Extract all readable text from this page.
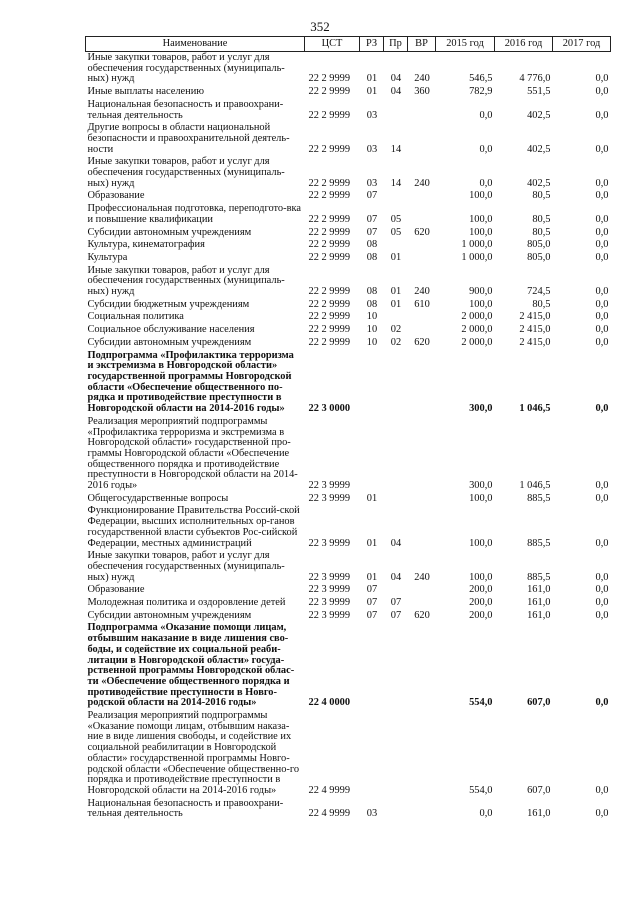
352
Наименование	ЦСТ	РЗ	Пр	ВР	2015 год	2016 год	2017 год
Иные закупки товаров, работ и услуг для обеспечения государственных (муниципаль-ных) нужд	22 2 9999	01	04	240	546,5	4 776,0	0,0
Иные выплаты населению	22 2 9999	01	04	360	782,9	551,5	0,0
Национальная безопасность и правоохрани-тельная деятельность	22 2 9999	03			0,0	402,5	0,0
Другие вопросы в области национальной безопасности и правоохранительной деятель-ности	22 2 9999	03	14		0,0	402,5	0,0
Иные закупки товаров, работ и услуг для обеспечения государственных (муниципаль-ных) нужд	22 2 9999	03	14	240	0,0	402,5	0,0
Образование	22 2 9999	07			100,0	80,5	0,0
Профессиональная подготовка, переподгото-вка и повышение квалификации	22 2 9999	07	05		100,0	80,5	0,0
Субсидии автономным учреждениям	22 2 9999	07	05	620	100,0	80,5	0,0
Культура, кинематография	22 2 9999	08			1 000,0	805,0	0,0
Культура	22 2 9999	08	01		1 000,0	805,0	0,0
Иные закупки товаров, работ и услуг для обеспечения государственных (муниципаль-ных) нужд	22 2 9999	08	01	240	900,0	724,5	0,0
Субсидии бюджетным учреждениям	22 2 9999	08	01	610	100,0	80,5	0,0
Социальная политика	22 2 9999	10			2 000,0	2 415,0	0,0
Социальное обслуживание населения	22 2 9999	10	02		2 000,0	2 415,0	0,0
Субсидии автономным учреждениям	22 2 9999	10	02	620	2 000,0	2 415,0	0,0
Подпрограмма «Профилактика терроризма и экстремизма в Новгородской области» государственной программы Новгородской области «Обеспечение общественного по-рядка и противодействие преступности в Новгородской области на 2014-2016 годы»	22 3 0000				300,0	1 046,5	0,0
Реализация мероприятий подпрограммы «Профилактика терроризма и экстремизма в Новгородской области» государственной про-граммы Новгородской области «Обеспечение общественного порядка и противодействие преступности в Новгородской области на 2014-2016 годы»	22 3 9999				300,0	1 046,5	0,0
Общегосударственные вопросы	22 3 9999	01			100,0	885,5	0,0
Функционирование Правительства Россий-ской Федерации, высших исполнительных ор-ганов государственной власти субъектов Рос-сийской Федерации, местных администраций	22 3 9999	01	04		100,0	885,5	0,0
Иные закупки товаров, работ и услуг для обеспечения государственных (муниципаль-ных) нужд	22 3 9999	01	04	240	100,0	885,5	0,0
Образование	22 3 9999	07			200,0	161,0	0,0
Молодежная политика и оздоровление детей	22 3 9999	07	07		200,0	161,0	0,0
Субсидии автономным учреждениям	22 3 9999	07	07	620	200,0	161,0	0,0
Подпрограмма «Оказание помощи лицам, отбывшим наказание в виде лишения сво-боды, и содействие их социальной реаби-литации в Новгородской области» госуда-рственной программы Новгородской облас-ти «Обеспечение общественного порядка и противодействие преступности в Новго-родской области на 2014-2016 годы»	22 4 0000				554,0	607,0	0,0
Реализация мероприятий подпрограммы «Оказание помощи лицам, отбывшим наказа-ние в виде лишения свободы, и содействие их социальной реабилитации в Новгородской области» государственной программы Новго-родской области «Обеспечение общественно-го порядка и противодействие преступности в Новгородской области на 2014-2016 годы»	22 4 9999				554,0	607,0	0,0
Национальная безопасность и правоохрани-тельная деятельность	22 4 9999	03			0,0	161,0	0,0
